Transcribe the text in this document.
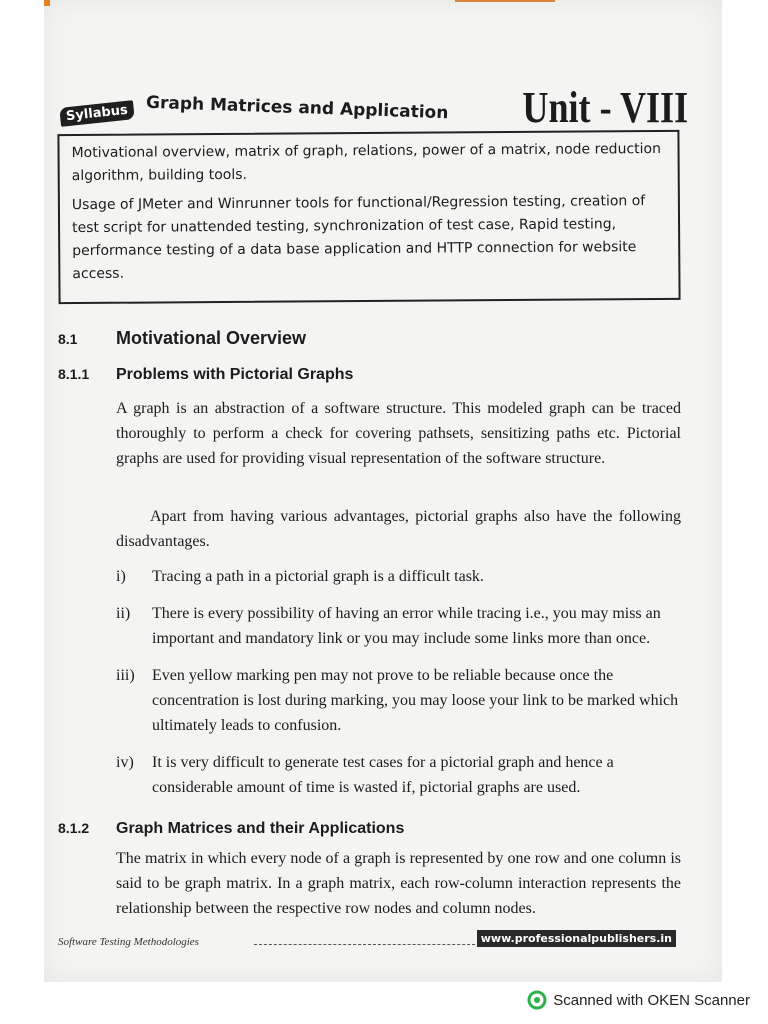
Syllabus	Graph Matrices and Application Unit - VIII

Motivational overview, matrix of graph, relations, power of a matrix, node reduction algorithm, building tools.

Usage of JMeter and Winrunner tools for functional/Regression testing, creation of test script for unattended testing, synchronization of test case, Rapid testing, performance testing of a data base application and HTTP connection for website access.

8.1 Motivational Overview
8.1.1 Problems with Pictorial Graphs
A graph is an abstraction of a software structure. This modeled graph can be traced thoroughly to perform a check for covering pathsets, sensitizing paths etc. Pictorial graphs are used for providing visual representation of the software structure.
Apart from having various advantages, pictorial graphs also have the following disadvantages.
i) Tracing a path in a pictorial graph is a difficult task.
ii) There is every possibility of having an error while tracing i.e., you may miss an important and mandatory link or you may include some links more than once.
iii) Even yellow marking pen may not prove to be reliable because once the concentration is lost during marking, you may loose your link to be marked which ultimately leads to confusion.
iv) It is very difficult to generate test cases for a pictorial graph and hence a considerable amount of time is wasted if, pictorial graphs are used.
8.1.2 Graph Matrices and their Applications
The matrix in which every node of a graph is represented by one row and one column is said to be graph matrix. In a graph matrix, each row-column interaction represents the relationship between the respective row nodes and column nodes.
Software Testing Methodologies	www.professionalpublishers.in
Scanned with OKEN Scanner
